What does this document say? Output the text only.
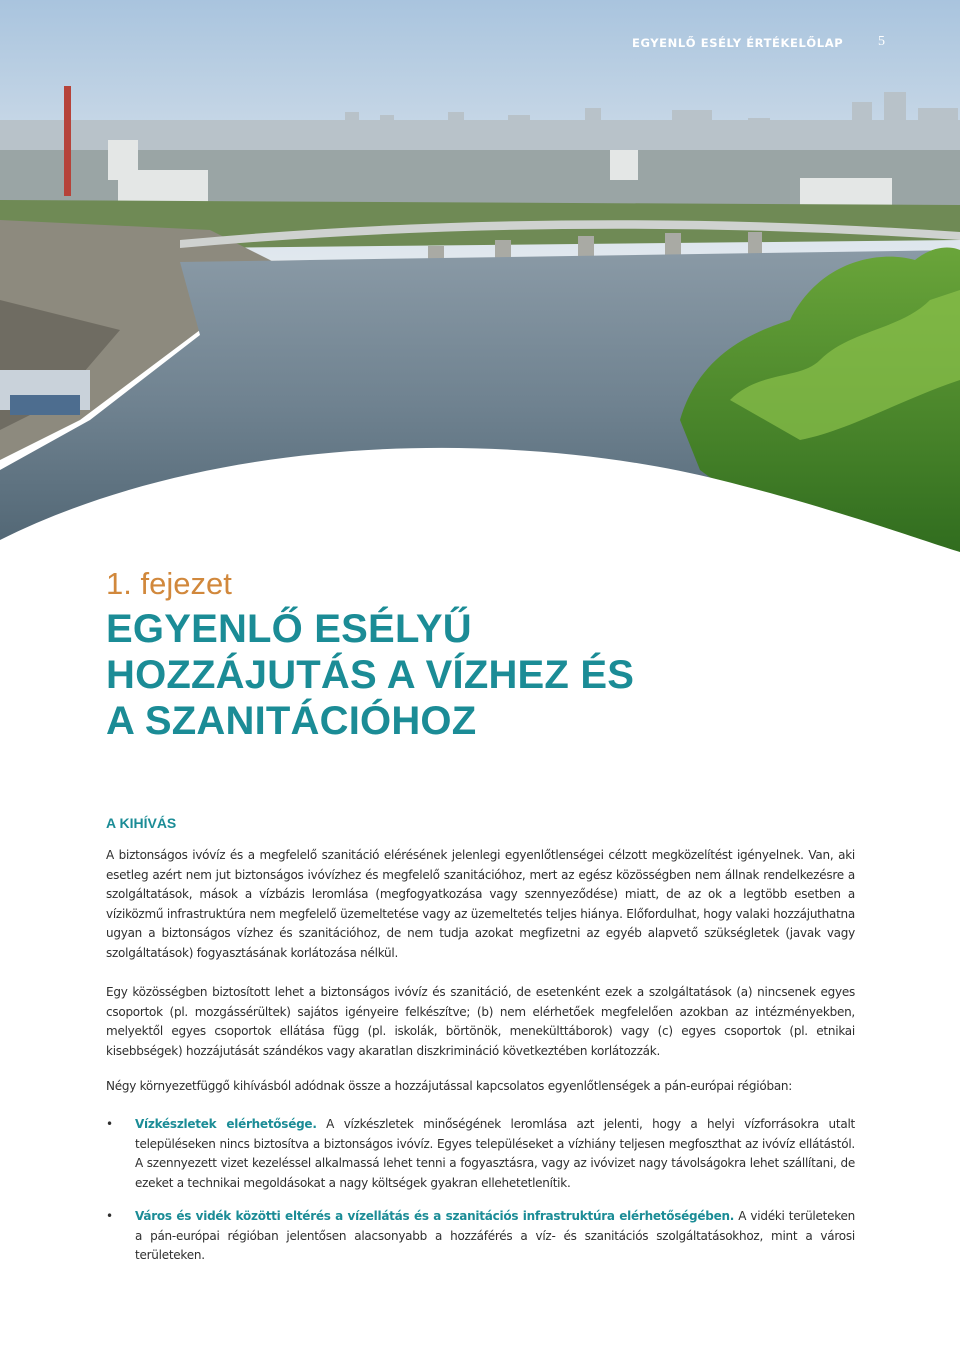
EGYENLŐ ESÉLY ÉRTÉKELŐLAP 5
1. fejezet
EGYENLŐ ESÉLYŰ
HOZZÁJUTÁS A VÍZHEZ ÉS
A SZANITÁCIÓHOZ
A KIHÍVÁS

A biztonságos ivóvíz és a megfelelő szanitáció elérésének jelenlegi egyenlőtlenségei célzott megközelítést igényelnek. Van, aki esetleg azért nem jut biztonságos ivóvízhez és megfelelő szanitációhoz, mert az egész közösségben nem állnak rendelkezésre a szolgáltatások, mások a vízbázis leromlása (megfogyatkozása vagy szennyeződése) miatt, de az ok a legtöbb esetben a víziközmű infrastruktúra nem megfelelő üzemeltetése vagy az üzemeltetés teljes hiánya. Előfordulhat, hogy valaki hozzájuthatna ugyan a biztonságos vízhez és szanitációhoz, de nem tudja azokat megfizetni az egyéb alapvető szükségletek (javak vagy szolgáltatások) fogyasztásának korlátozása nélkül.

Egy közösségben biztosított lehet a biztonságos ivóvíz és szanitáció, de esetenként ezek a szolgáltatások (a) nincsenek egyes csoportok (pl. mozgássérültek) sajátos igényeire felkészítve; (b) nem elérhetőek megfelelően azokban az intézményekben, melyektől egyes csoportok ellátása függ (pl. iskolák, börtönök, menekülttáborok) vagy (c) egyes csoportok (pl. etnikai kisebbségek) hozzájutását szándékos vagy akaratlan diszkrimináció következtében korlátozzák.

Négy környezetfüggő kihívásból adódnak össze a hozzájutással kapcsolatos egyenlőtlenségek a pán-európai régióban:

• Vízkészletek elérhetősége. A vízkészletek minőségének leromlása azt jelenti, hogy a helyi vízforrásokra utalt településeken nincs biztosítva a biztonságos ivóvíz. Egyes településeket a vízhiány teljesen megfoszthat az ivóvíz ellátástól. A szennyezett vizet kezeléssel alkalmassá lehet tenni a fogyasztásra, vagy az ivóvizet nagy távolságokra lehet szállítani, de ezeket a technikai megoldásokat a nagy költségek gyakran ellehetetlenítik.
• Város és vidék közötti eltérés a vízellátás és a szanitációs infrastruktúra elérhetőségében. A vidéki területeken a pán-európai régióban jelentősen alacsonyabb a hozzáférés a víz- és szanitációs szolgáltatásokhoz, mint a városi területeken.
